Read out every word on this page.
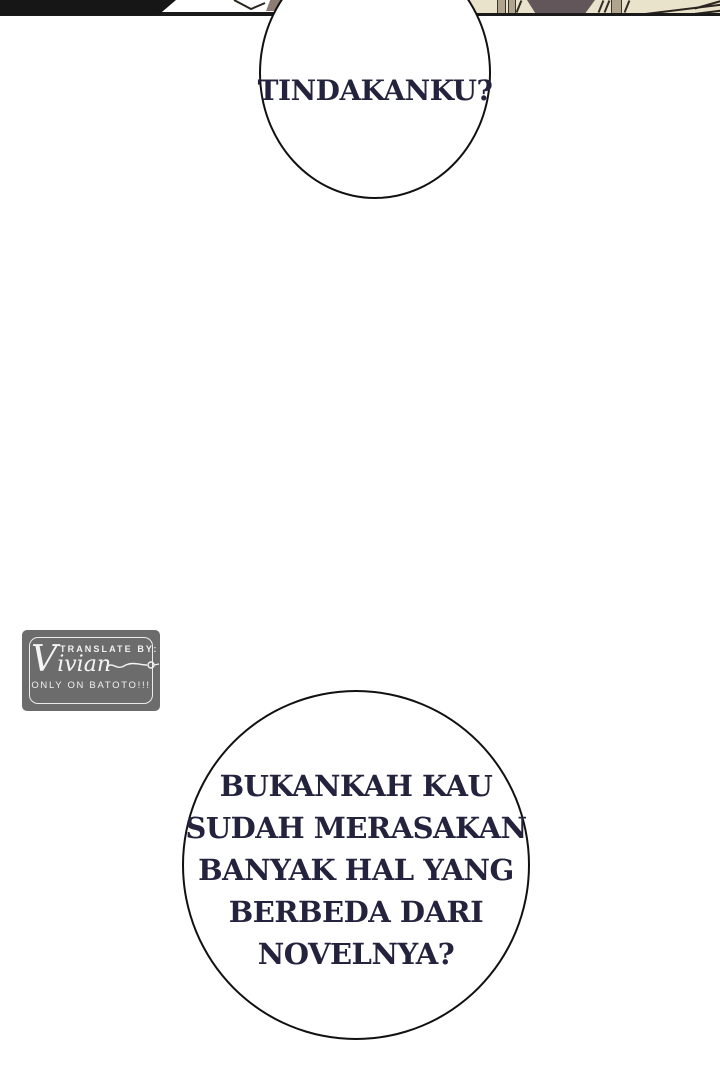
TINDAKANKU?
Vivian
TRANSLATE BY:
ONLY ON BATOTO!!!
BUKANKAH KAU
SUDAH MERASAKAN
BANYAK HAL YANG
BERBEDA DARI
NOVELNYA?
